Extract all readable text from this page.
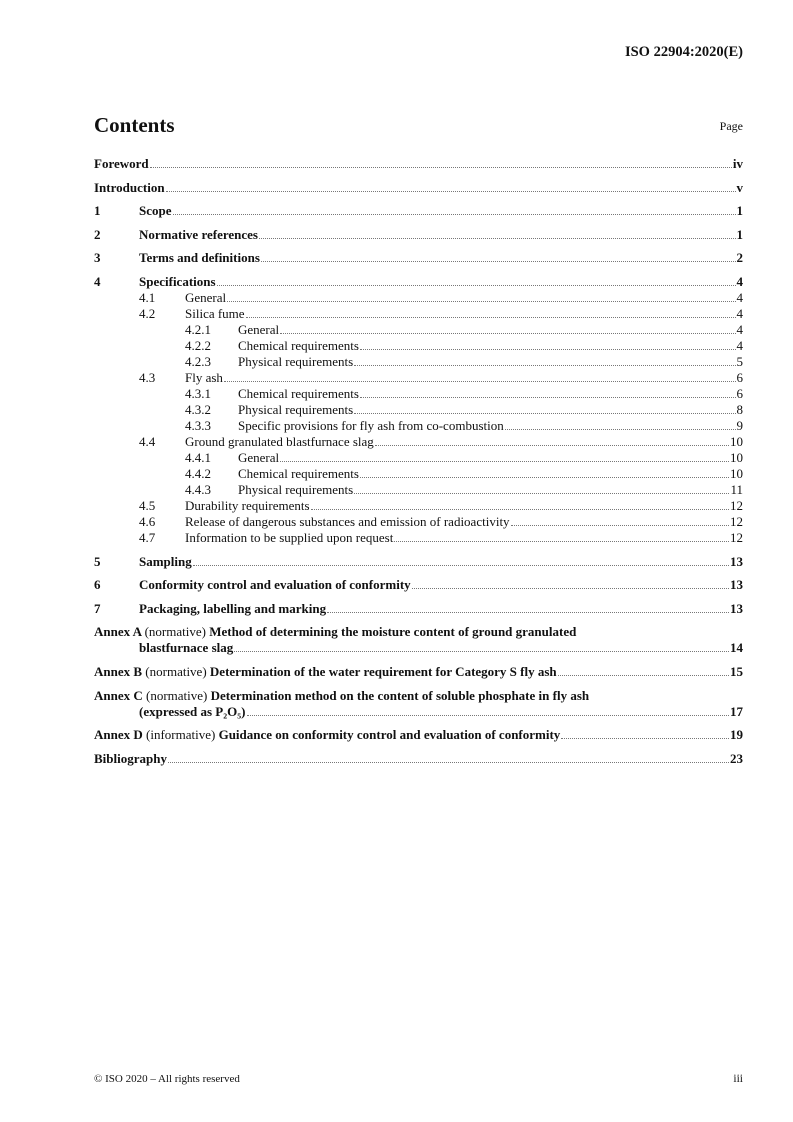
ISO 22904:2020(E)
Contents	Page
Foreword	iv
Introduction	v
1	Scope	1
2	Normative references	1
3	Terms and definitions	2
4	Specifications	4
4.1	General	4
4.2	Silica fume	4
4.2.1	General	4
4.2.2	Chemical requirements	4
4.2.3	Physical requirements	5
4.3	Fly ash	6
4.3.1	Chemical requirements	6
4.3.2	Physical requirements	8
4.3.3	Specific provisions for fly ash from co-combustion	9
4.4	Ground granulated blastfurnace slag	10
4.4.1	General	10
4.4.2	Chemical requirements	10
4.4.3	Physical requirements	11
4.5	Durability requirements	12
4.6	Release of dangerous substances and emission of radioactivity	12
4.7	Information to be supplied upon request	12
5	Sampling	13
6	Conformity control and evaluation of conformity	13
7	Packaging, labelling and marking	13
Annex A (normative) Method of determining the moisture content of ground granulated
blastfurnace slag	14
Annex B (normative) Determination of the water requirement for Category S fly ash	15
Annex C (normative) Determination method on the content of soluble phosphate in fly ash
(expressed as P₂O₅)	17
Annex D (informative) Guidance on conformity control and evaluation of conformity	19
Bibliography	23
© ISO 2020 – All rights reserved	iii
